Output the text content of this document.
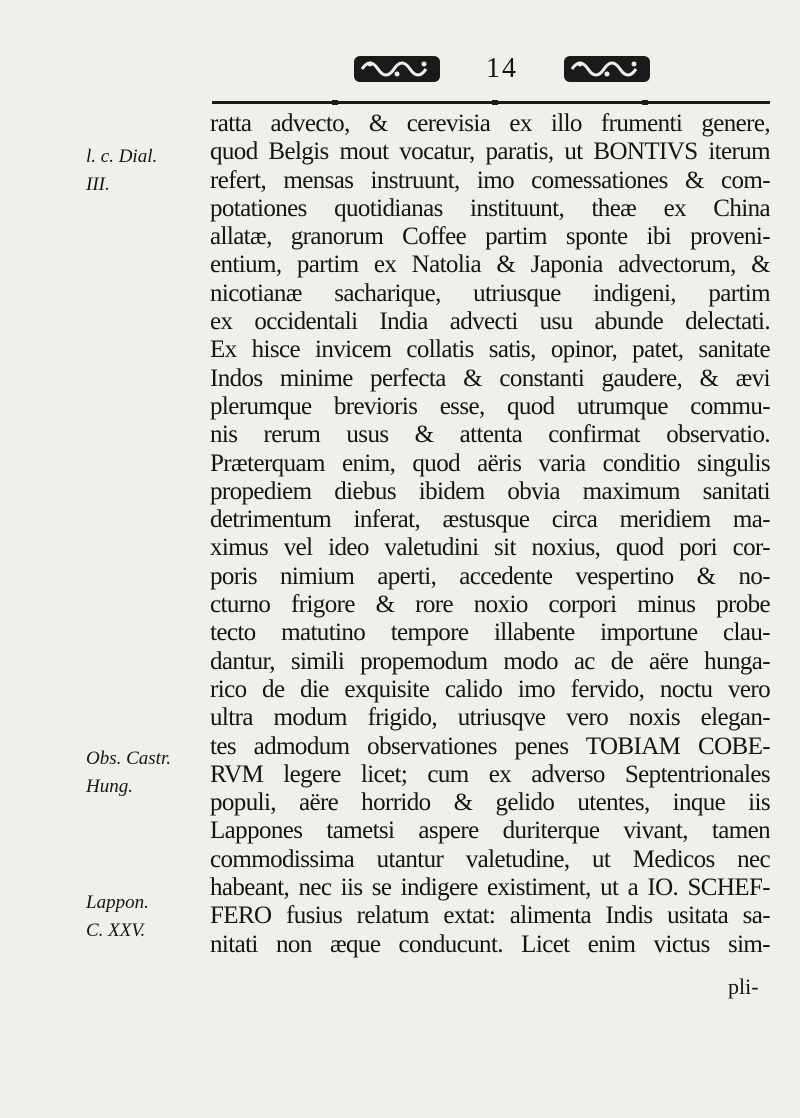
14
l. c. Dial.
III.
Obs. Castr.
Hung.
Lappon.
C. XXV.
ratta advecto, & cerevisia ex illo frumenti genere,
quod Belgis mout vocatur, paratis, ut BONTIVS iterum
refert, mensas instruunt, imo comessationes & com-
potationes quotidianas instituunt, theæ ex China
allatæ, granorum Coffee partim sponte ibi proveni-
entium, partim ex Natolia & Japonia advectorum, &
nicotianæ sacharique, utriusque indigeni, partim
ex occidentali India advecti usu abunde delectati.
Ex hisce invicem collatis satis, opinor, patet, sanitate
Indos minime perfecta & constanti gaudere, & ævi
plerumque brevioris esse, quod utrumque commu-
nis rerum usus & attenta confirmat observatio.
Præterquam enim, quod aëris varia conditio singulis
propediem diebus ibidem obvia maximum sanitati
detrimentum inferat, æstusque circa meridiem ma-
ximus vel ideo valetudini sit noxius, quod pori cor-
poris nimium aperti, accedente vespertino & no-
cturno frigore & rore noxio corpori minus probe
tecto matutino tempore illabente importune clau-
dantur, simili propemodum modo ac de aëre hunga-
rico de die exquisite calido imo fervido, noctu vero
ultra modum frigido, utriusqve vero noxis elegan-
tes admodum observationes penes TOBIAM COBE-
RVM legere licet; cum ex adverso Septentrionales
populi, aëre horrido & gelido utentes, inque iis
Lappones tametsi aspere duriterque vivant, tamen
commodissima utantur valetudine, ut Medicos nec
habeant, nec iis se indigere existiment, ut a IO. SCHEF-
FERO fusius relatum extat: alimenta Indis usitata sa-
nitati non æque conducunt. Licet enim victus sim-
pli-
